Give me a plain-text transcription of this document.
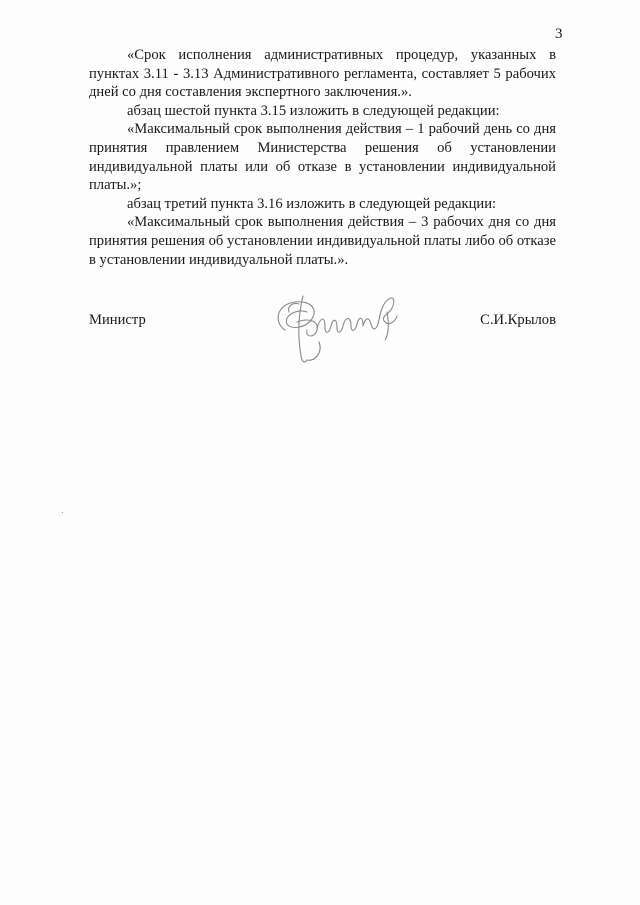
3

«Срок исполнения административных процедур, указанных в пунктах 3.11 - 3.13 Административного регламента, составляет 5 рабочих дней со дня составления экспертного заключения.».

абзац шестой пункта 3.15 изложить в следующей редакции:

«Максимальный срок выполнения действия – 1 рабочий день со дня принятия правлением Министерства решения об установлении индивидуальной платы или об отказе в установлении индивидуальной платы.»;

абзац третий пункта 3.16 изложить в следующей редакции:

«Максимальный срок выполнения действия – 3 рабочих дня со дня принятия решения об установлении индивидуальной платы либо об отказе в установлении индивидуальной платы.».

Министр	С.И.Крылов
